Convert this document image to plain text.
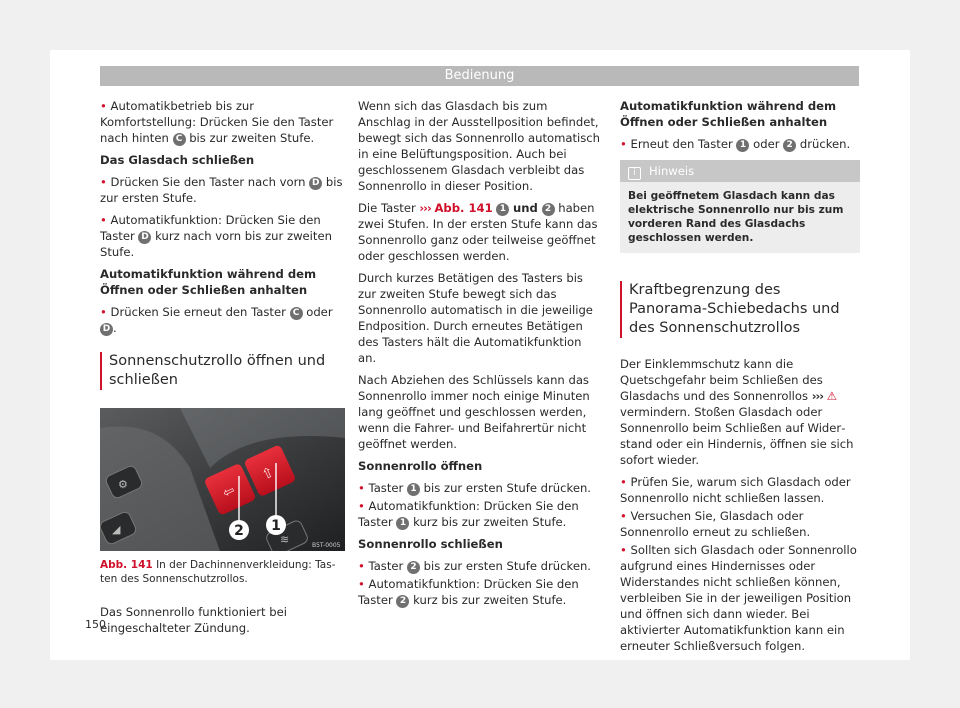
Bedienung

• Automatikbetrieb bis zur Komfortstellung: Drücken Sie den Taster nach hinten C bis zur zweiten Stufe.

Das Glasdach schließen

• Drücken Sie den Taster nach vorn D bis zur ersten Stufe.

• Automatikfunktion: Drücken Sie den Taster D kurz nach vorn bis zur zweiten Stufe.

Automatikfunktion während dem Öffnen oder Schließen anhalten

• Drücken Sie erneut den Taster C oder D .

Sonnenschutzrollo öffnen und schließen

⚙
◢
≋
⇦
⇧
2 1
B5T-0005
Abb. 141 In der Dachinnenverkleidung: Tasten des Sonnenschutzrollos.

Das Sonnenrollo funktioniert bei eingeschalteter Zündung.

Wenn sich das Glasdach bis zum Anschlag in der Ausstellposition befindet, bewegt sich das Sonnenrollo automatisch in eine Belüftungsposition. Auch bei geschlossenem Glasdach verbleibt das Sonnenrollo in dieser Position.

Die Taster ››› Abb. 141 1 und 2 haben zwei Stufen. In der ersten Stufe kann das Sonnenrollo ganz oder teilweise geöffnet oder geschlossen werden.

Durch kurzes Betätigen des Tasters bis zur zweiten Stufe bewegt sich das Sonnenrollo automatisch in die jeweilige Endposition. Durch erneutes Betätigen des Tasters hält die Automatikfunktion an.

Nach Abziehen des Schlüssels kann das Sonnenrollo immer noch einige Minuten lang geöffnet und geschlossen werden, wenn die Fahrer- und Beifahrertür nicht geöffnet werden.

Sonnenrollo öffnen

• Taster 1 bis zur ersten Stufe drücken.

• Automatikfunktion: Drücken Sie den Taster 1 kurz bis zur zweiten Stufe.

Sonnenrollo schließen

• Taster 2 bis zur ersten Stufe drücken.

• Automatikfunktion: Drücken Sie den Taster 2 kurz bis zur zweiten Stufe.

Automatikfunktion während dem Öffnen oder Schließen anhalten

• Erneut den Taster 1 oder 2 drücken.

i Hinweis
Bei geöffnetem Glasdach kann das elektrische Sonnenrollo nur bis zum vorderen Rand des Glasdachs geschlossen werden.

Kraftbegrenzung des Panorama-Schiebedachs und des Sonnenschutzrollos

Der Einklemmschutz kann die Quetschgefahr beim Schließen des Glasdachs und des Sonnenrollos ››› ⚠ vermindern. Stoßen Glasdach oder Sonnenrollo beim Schließen auf Widerstand oder ein Hindernis, öffnen sie sich sofort wieder.

• Prüfen Sie, warum sich Glasdach oder Sonnenrollo nicht schließen lassen.

• Versuchen Sie, Glasdach oder Sonnenrollo erneut zu schließen.

• Sollten sich Glasdach oder Sonnenrollo aufgrund eines Hindernisses oder Widerstandes nicht schließen können, verbleiben Sie in der jeweiligen Position und öffnen sich dann wieder. Bei aktivierter Automatikfunktion kann ein erneuter Schließversuch folgen.

150
